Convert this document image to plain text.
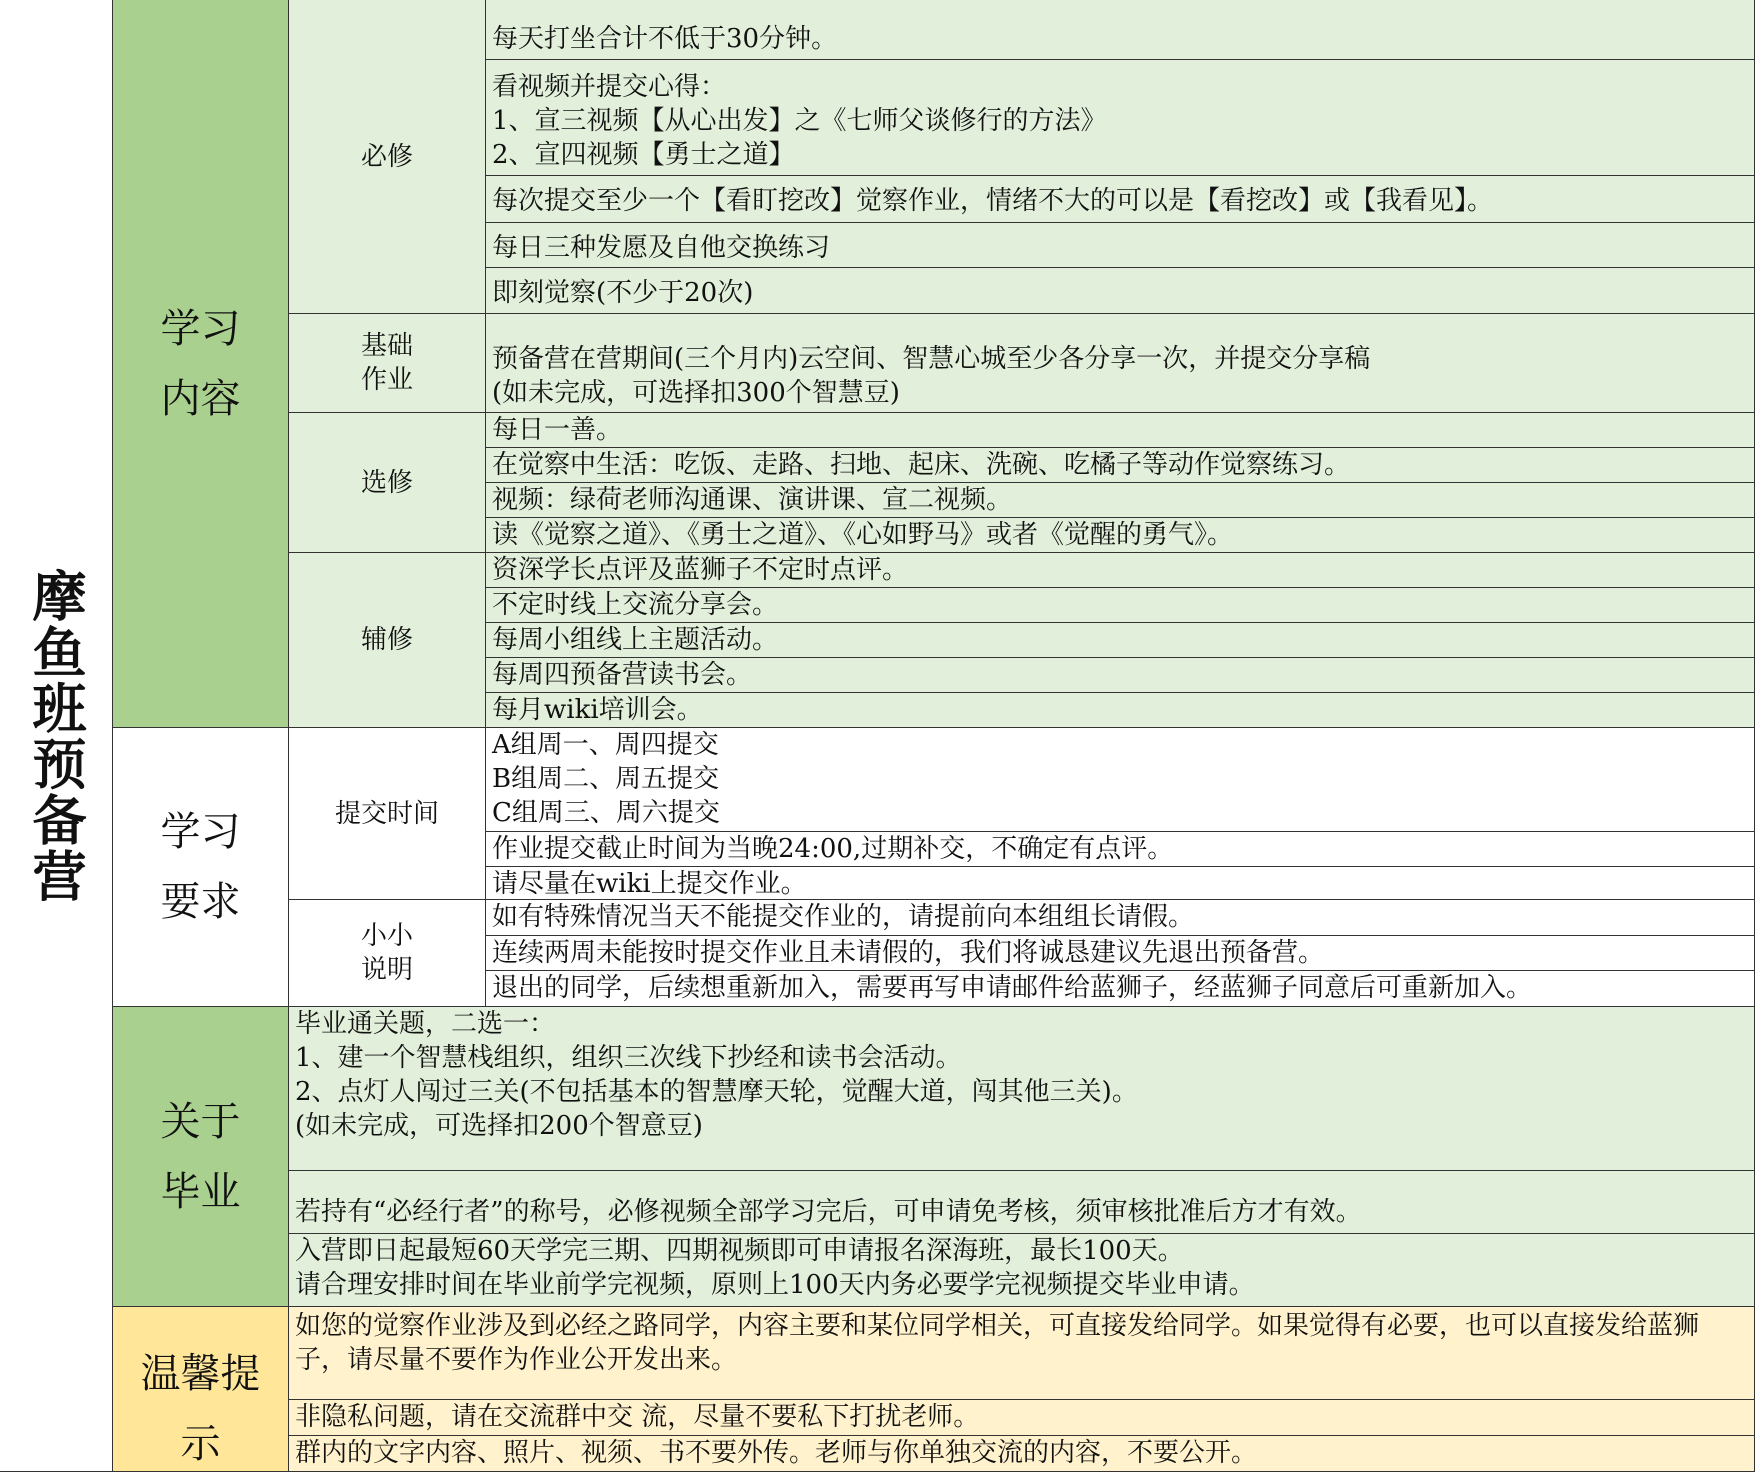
摩鱼班预备营
学习
内容
必修
每天打坐合计不低于30分钟。
看视频并提交心得：
1、宣三视频【从心出发】之《七师父谈修行的方法》
2、宣四视频【勇士之道】
每次提交至少一个【看盯挖改】觉察作业，情绪不大的可以是【看挖改】或【我看见】。
每日三种发愿及自他交换练习
即刻觉察(不少于20次)
基础
作业
预备营在营期间(三个月内)云空间、智慧心城至少各分享一次，并提交分享稿
(如未完成，可选择扣300个智慧豆)
选修
每日一善。
在觉察中生活：吃饭、走路、扫地、起床、洗碗、吃橘子等动作觉察练习。
视频：绿荷老师沟通课、演讲课、宣二视频。
读《觉察之道》、《勇士之道》、《心如野马》或者《觉醒的勇气》。
辅修
资深学长点评及蓝狮子不定时点评。
不定时线上交流分享会。
每周小组线上主题活动。
每周四预备营读书会。
每月wiki培训会。
学习
要求
提交时间
A组周一、周四提交
B组周二、周五提交
C组周三、周六提交
作业提交截止时间为当晚24:00,过期补交，不确定有点评。
请尽量在wiki上提交作业。
小小
说明
如有特殊情况当天不能提交作业的，请提前向本组组长请假。
连续两周未能按时提交作业且未请假的，我们将诚恳建议先退出预备营。
退出的同学，后续想重新加入，需要再写申请邮件给蓝狮子，经蓝狮子同意后可重新加入。
关于
毕业
毕业通关题，二选一：
1、建一个智慧栈组织，组织三次线下抄经和读书会活动。
2、点灯人闯过三关(不包括基本的智慧摩天轮，觉醒大道，闯其他三关)。
(如未完成，可选择扣200个智意豆)
若持有“必经行者”的称号，必修视频全部学习完后，可申请免考核，须审核批准后方才有效。
入营即日起最短60天学完三期、四期视频即可申请报名深海班，最长100天。
请合理安排时间在毕业前学完视频，原则上100天内务必要学完视频提交毕业申请。
温馨提
示
如您的觉察作业涉及到必经之路同学，内容主要和某位同学相关，可直接发给同学。如果觉得有必要，也可以直接发给蓝狮子，请尽量不要作为作业公开发出来。
非隐私问题，请在交流群中交 流，尽量不要私下打扰老师。
群内的文字内容、照片、视须、书不要外传。老师与你单独交流的内容，不要公开。
